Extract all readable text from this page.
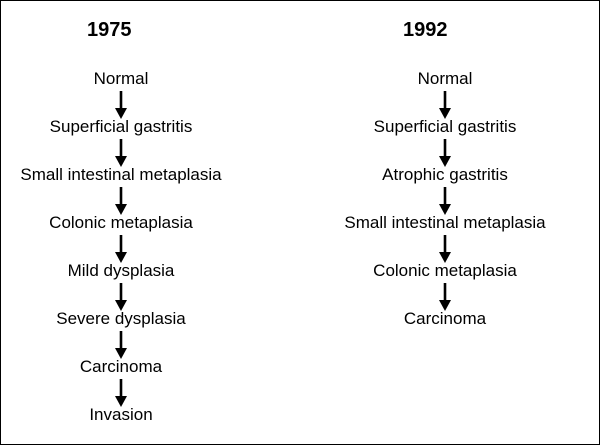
1975
Normal
Superficial gastritis
Small intestinal metaplasia
Colonic metaplasia
Mild dysplasia
Severe dysplasia
Carcinoma
Invasion
1992
Normal
Superficial gastritis
Atrophic gastritis
Small intestinal metaplasia
Colonic metaplasia
Carcinoma
